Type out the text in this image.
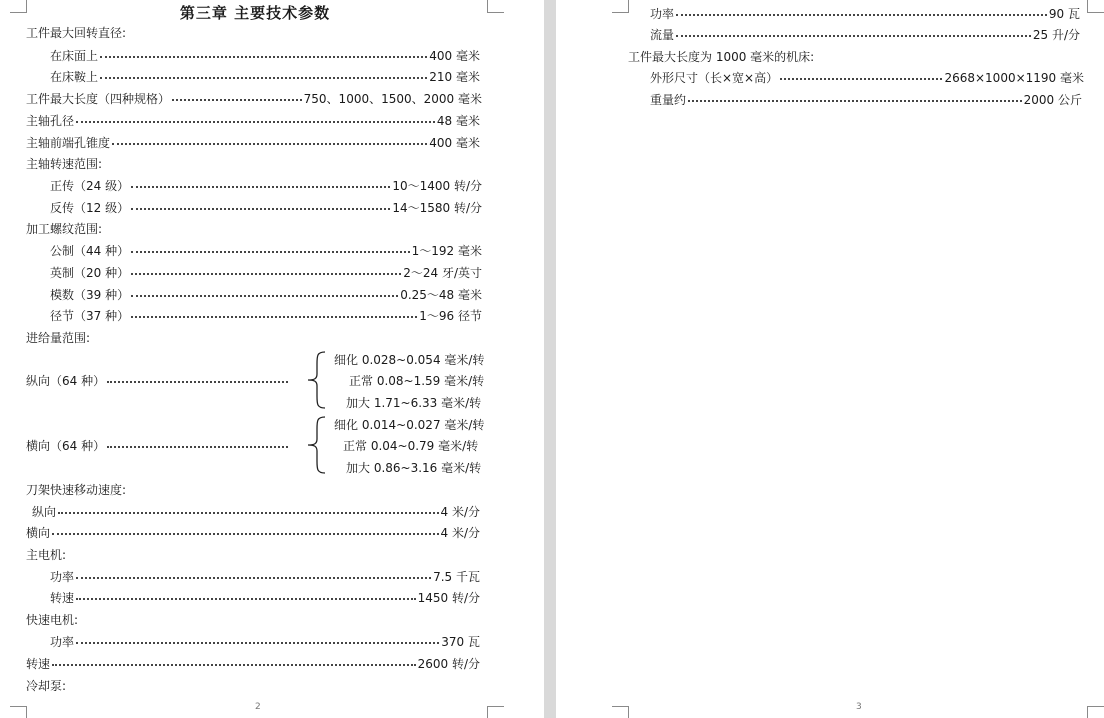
第三章 主要技术参数
工件最大回转直径:
在床面上	400 毫米
在床鞍上	210 毫米
工件最大长度（四种规格）	750、1000、1500、2000 毫米
主轴孔径	48 毫米
主轴前端孔锥度	400 毫米
主轴转速范围:
正传（24 级）	10～1400 转/分
反传（12 级）	14～1580 转/分
加工螺纹范围:
公制（44 种）	1～192 毫米
英制（20 种）	2～24 牙/英寸
模数（39 种）	0.25～48 毫米
径节（37 种）	1～96 径节
进给量范围:
纵向（64 种）
细化 0.028~0.054 毫米/转
正常 0.08~1.59 毫米/转
加大 1.71~6.33 毫米/转
横向（64 种）
细化 0.014~0.027 毫米/转
正常 0.04~0.79 毫米/转
加大 0.86~3.16 毫米/转
刀架快速移动速度:
纵向	4 米/分
横向	4 米/分
主电机:
功率	7.5 千瓦
转速	1450 转/分
快速电机:
功率	370 瓦
转速	2600 转/分
冷却泵:
2
功率	90 瓦
流量	25 升/分
工件最大长度为 1000 毫米的机床:
外形尺寸（长×宽×高）	2668×1000×1190 毫米
重量约	2000 公斤
3
